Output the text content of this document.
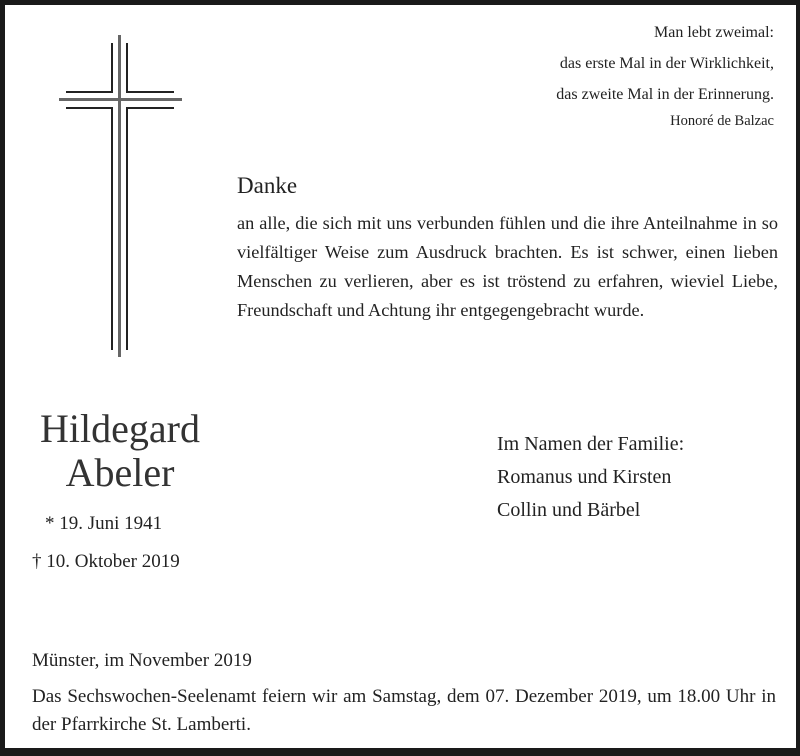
Man lebt zweimal:
das erste Mal in der Wirklichkeit,
das zweite Mal in der Erinnerung.
Honoré de Balzac
Danke
an alle, die sich mit uns verbunden fühlen und die ihre Anteilnahme in so vielfältiger Weise zum Ausdruck brachten. Es ist schwer, einen lieben Menschen zu verlieren, aber es ist tröstend zu erfahren, wieviel Liebe, Freundschaft und Achtung ihr entgegengebracht wurde.
Hildegard
Abeler
* 19. Juni 1941
† 10. Oktober 2019
Im Namen der Familie:
Romanus und Kirsten
Collin und Bärbel
Münster, im November 2019
Das Sechswochen-Seelenamt feiern wir am Samstag, dem 07. Dezember 2019, um 18.00 Uhr in der Pfarrkirche St. Lamberti.
